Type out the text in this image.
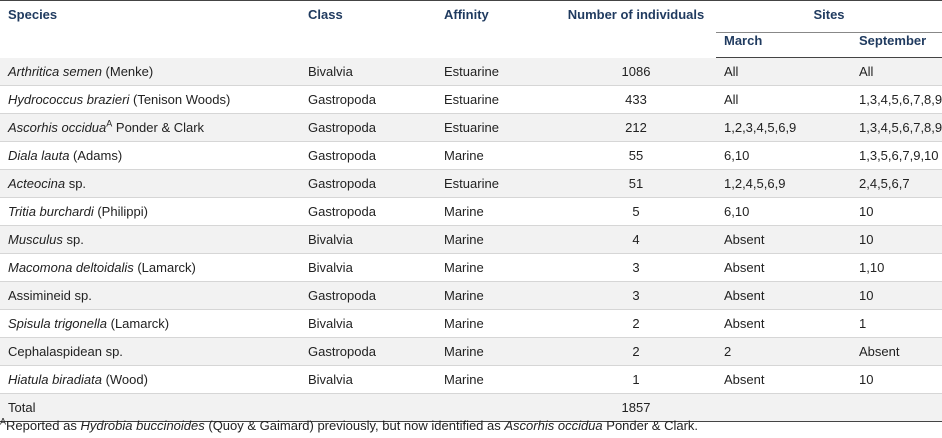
Species	Class	Affinity	Number of individuals	Sites	
				March	September
Arthritica semen (Menke)	Bivalvia	Estuarine	1086	All	All
Hydrococcus brazieri (Tenison Woods)	Gastropoda	Estuarine	433	All	1,3,4,5,6,7,8,9
Ascorhis occidua$^A$ Ponder & Clark	Gastropoda	Estuarine	212	1,2,3,4,5,6,9	1,3,4,5,6,7,8,9
Diala lauta (Adams)	Gastropoda	Marine	55	6,10	1,3,5,6,7,9,10
Acteocina sp.	Gastropoda	Estuarine	51	1,2,4,5,6,9	2,4,5,6,7
Tritia burchardi (Philippi)	Gastropoda	Marine	5	6,10	10
Musculus sp.	Bivalvia	Marine	4	Absent	10
Macomona deltoidalis (Lamarck)	Bivalvia	Marine	3	Absent	1,10
Assimineid sp.	Gastropoda	Marine	3	Absent	10
Spisula trigonella (Lamarck)	Bivalvia	Marine	2	Absent	1
Cephalaspidean sp.	Gastropoda	Marine	2	2	Absent
Hiatula biradiata (Wood)	Bivalvia	Marine	1	Absent	10
Total			1857		
$^A$Reported as Hydrobia buccinoides (Quoy & Gaimard) previously, but now identified as Ascorhis occidua Ponder & Clark.
